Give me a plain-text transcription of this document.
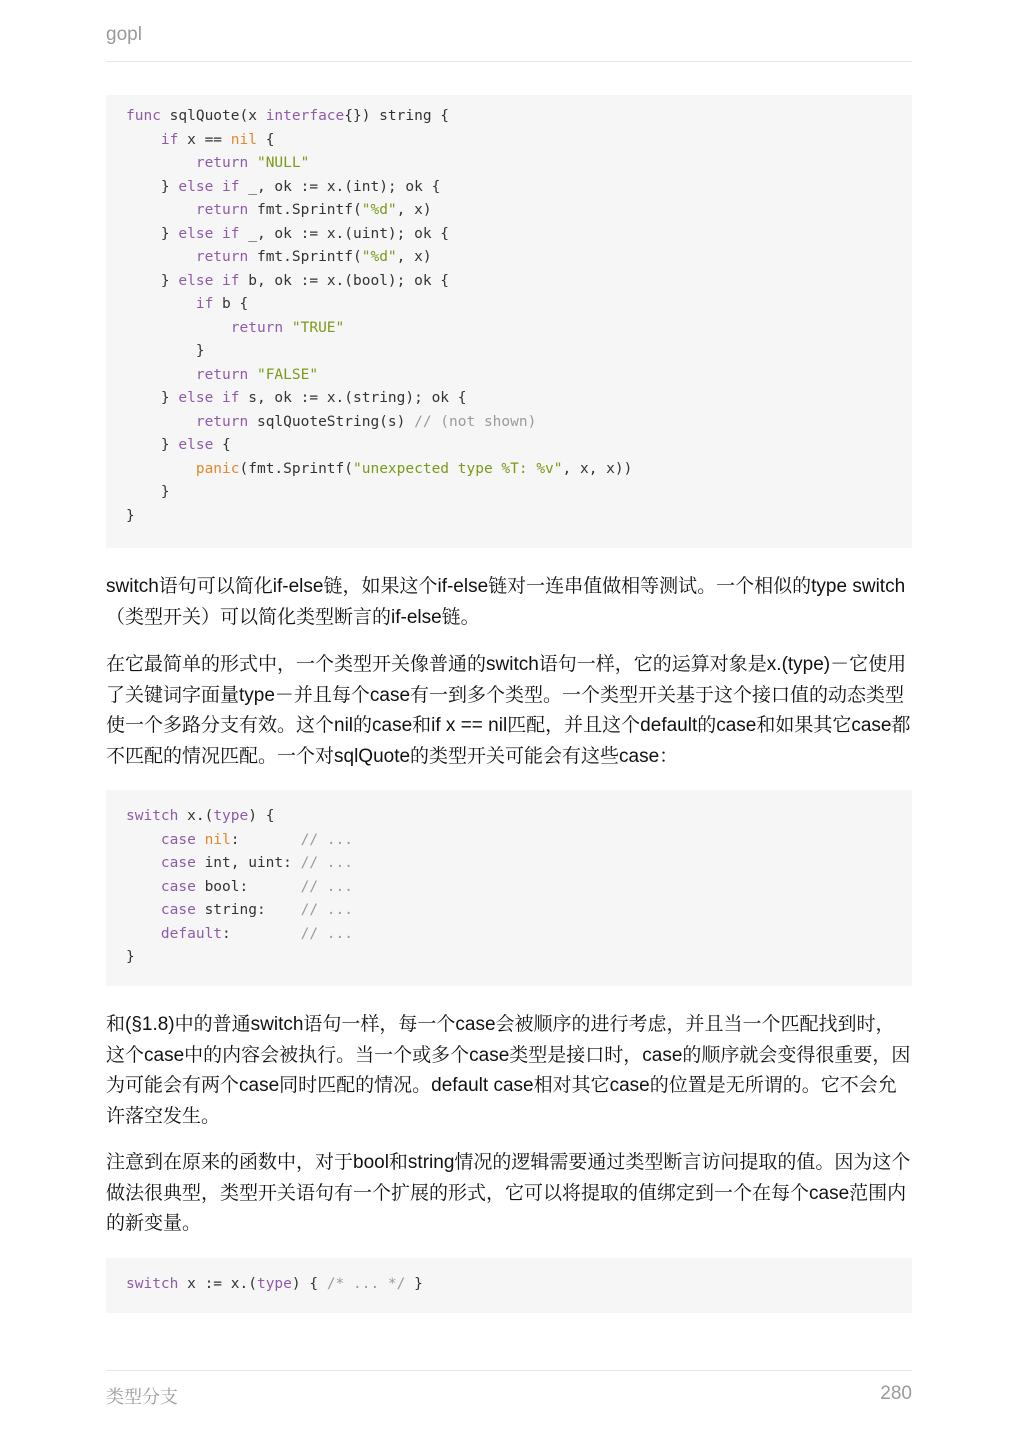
gopl
func sqlQuote(x interface{}) string {
if x == nil {
return "NULL"
} else if _, ok := x.(int); ok {
return fmt.Sprintf("%d", x)
} else if _, ok := x.(uint); ok {
return fmt.Sprintf("%d", x)
} else if b, ok := x.(bool); ok {
if b {
return "TRUE"
}
return "FALSE"
} else if s, ok := x.(string); ok {
return sqlQuoteString(s) // (not shown)
} else {
panic(fmt.Sprintf("unexpected type %T: %v", x, x))
}
}

switch语句可以简化if-else链，如果这个if-else链对一连串值做相等测试。一个相似的type switch（类型开关）可以简化类型断言的if-else链。

在它最简单的形式中，一个类型开关像普通的switch语句一样，它的运算对象是x.(type)－它使用了关键词字面量type－并且每个case有一到多个类型。一个类型开关基于这个接口值的动态类型使一个多路分支有效。这个nil的case和if x == nil匹配，并且这个default的case和如果其它case都不匹配的情况匹配。一个对sqlQuote的类型开关可能会有这些case：

switch x.(type) {
case nil:       // ...
case int, uint: // ...
case bool:      // ...
case string:    // ...
default:        // ...
}

和(§1.8)中的普通switch语句一样，每一个case会被顺序的进行考虑，并且当一个匹配找到时，这个case中的内容会被执行。当一个或多个case类型是接口时，case的顺序就会变得很重要，因为可能会有两个case同时匹配的情况。default case相对其它case的位置是无所谓的。它不会允许落空发生。

注意到在原来的函数中，对于bool和string情况的逻辑需要通过类型断言访问提取的值。因为这个做法很典型，类型开关语句有一个扩展的形式，它可以将提取的值绑定到一个在每个case范围内的新变量。

switch x := x.(type) { /* ... */ }
类型分支	280
